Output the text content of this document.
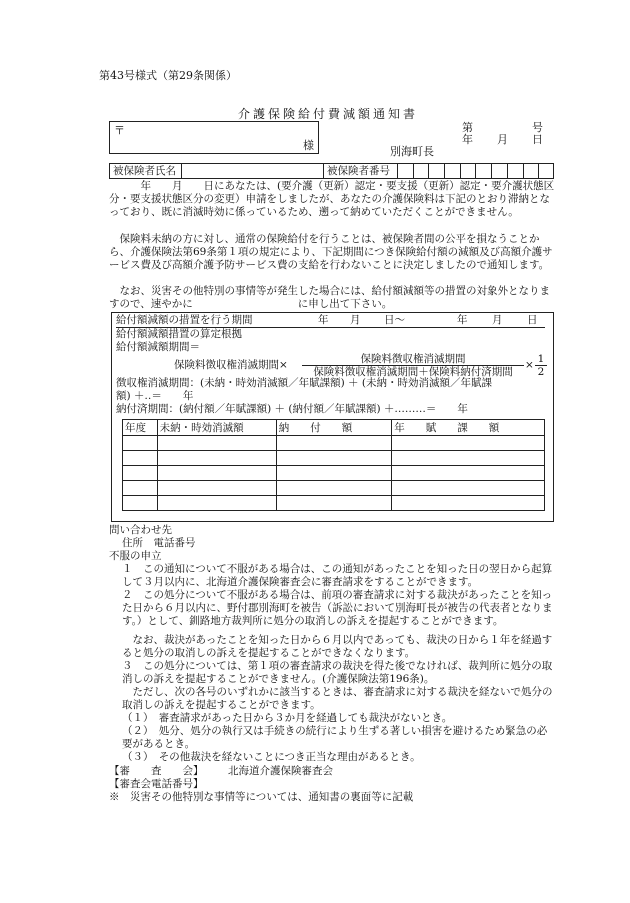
第43号様式（第29条関係）
介護保険給付費減額通知書
〒
様
第	号
年 月 日
別海町長
被保険者氏名	被保険者番号
　　　年　　月　　日にあなたは、(要介護（更新）認定・要支援（更新）認定・要介護状態区分・要支援状態区分の変更）申請をしましたが、あなたの介護保険料は下記のとおり滞納となっており、既に消滅時効に係っているため、遡って納めていただくことができません。
　保険料未納の方に対し、通常の保険給付を行うことは、被保険者間の公平を損なうことから、介護保険法第69条第１項の規定により、下記期間につき保険給付額の減額及び高額介護サービス費及び高額介護予防サービス費の支給を行わないことに決定しましたので通知します。
　なお、災害その他特別の事情等が発生した場合には、給付額減額等の措置の対象外となりますので、速やかに　　　　　　　　　　に申し出て下さい。
給付額減額の措置を行う期間	年 月 日～	年 月 日
給付額減額措置の算定根拠
給付額減額期間＝
保険料徴収権消滅期間×	保険料徴収権消滅期間
保険料徴収権消滅期間＋保険料納付済期間
× 1
2
徴収権消滅期間：(未納・時効消滅額／年賦課額) ＋ (未納・時効消滅額／年賦課
額) ＋‥＝　　年
納付済期間：(納付額／年賦課額) ＋ (納付額／年賦課額) ＋………＝　　年
年度	未納・時効消滅額	納　　付　　額	年　　賦　　課　　額

問い合わせ先
住所　電話番号
不服の申立
１　この通知について不服がある場合は、この通知があったことを知った日の翌日から起算して３月以内に、北海道介護保険審査会に審査請求をすることができます。
２　この処分について不服がある場合は、前項の審査請求に対する裁決があったことを知った日から６月以内に、野付郡別海町を被告（訴訟において別海町長が被告の代表者となります。）として、釧路地方裁判所に処分の取消しの訴えを提起することができます。
　なお、裁決があったことを知った日から６月以内であっても、裁決の日から１年を経過すると処分の取消しの訴えを提起することができなくなります。
３　この処分については、第１項の審査請求の裁決を得た後でなければ、裁判所に処分の取消しの訴えを提起することができません。(介護保険法第196条)。
　ただし、次の各号のいずれかに該当するときは、審査請求に対する裁決を経ないで処分の取消しの訴えを提起することができます。
（１）　審査請求があった日から３か月を経過しても裁決がないとき。
（２）　処分、処分の執行又は手続きの続行により生ずる著しい損害を避けるため緊急の必要があるとき。
（３）　その他裁決を経ないことにつき正当な理由があるとき。
【審　　査　　会】 北海道介護保険審査会
【審査会電話番号】
※　災害その他特別な事情等については、通知書の裏面等に記載
